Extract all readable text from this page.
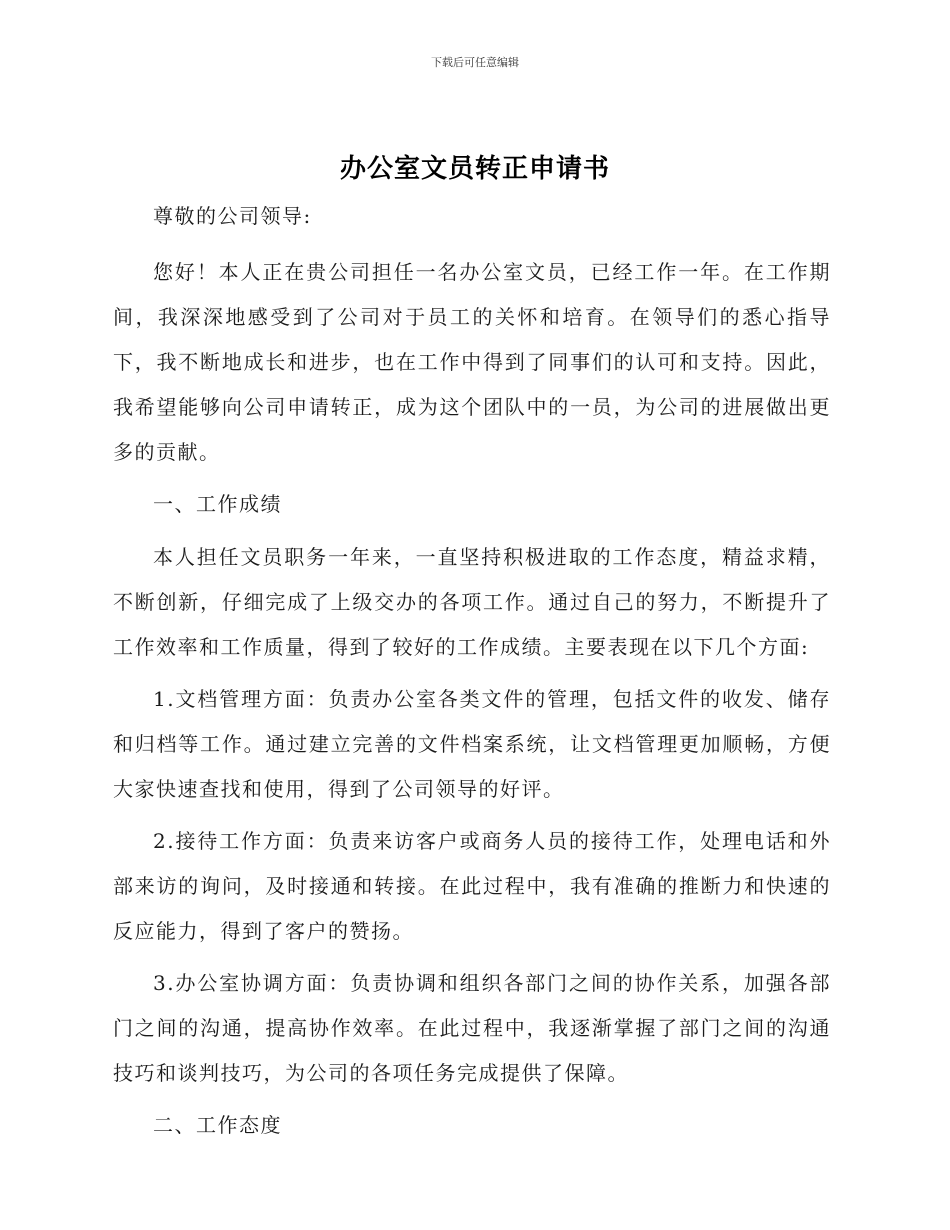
下载后可任意编辑
办公室文员转正申请书

尊敬的公司领导:

您好！本人正在贵公司担任一名办公室文员，已经工作一年。在工作期间，我深深地感受到了公司对于员工的关怀和培育。在领导们的悉心指导下，我不断地成长和进步，也在工作中得到了同事们的认可和支持。因此，我希望能够向公司申请转正，成为这个团队中的一员，为公司的进展做出更多的贡献。

一、工作成绩

本人担任文员职务一年来，一直坚持积极进取的工作态度，精益求精，不断创新，仔细完成了上级交办的各项工作。通过自己的努力，不断提升了工作效率和工作质量，得到了较好的工作成绩。主要表现在以下几个方面:

1.文档管理方面：负责办公室各类文件的管理，包括文件的收发、储存和归档等工作。通过建立完善的文件档案系统，让文档管理更加顺畅，方便大家快速查找和使用，得到了公司领导的好评。

2.接待工作方面：负责来访客户或商务人员的接待工作，处理电话和外部来访的询问，及时接通和转接。在此过程中，我有准确的推断力和快速的反应能力，得到了客户的赞扬。

3.办公室协调方面：负责协调和组织各部门之间的协作关系，加强各部门之间的沟通，提高协作效率。在此过程中，我逐渐掌握了部门之间的沟通技巧和谈判技巧，为公司的各项任务完成提供了保障。

二、工作态度
